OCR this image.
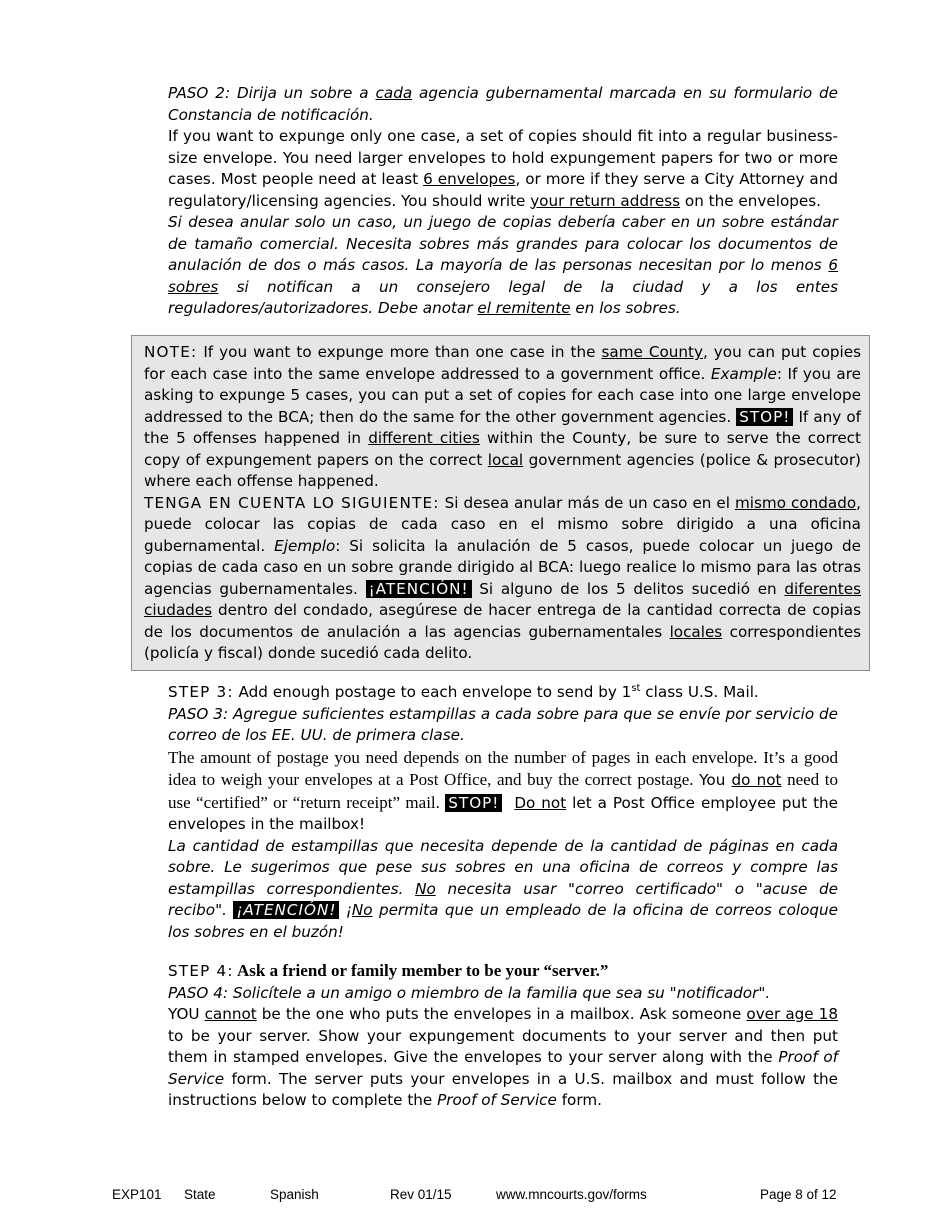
PASO 2: Dirija un sobre a cada agencia gubernamental marcada en su formulario de Constancia de notificación.

If you want to expunge only one case, a set of copies should fit into a regular business-size envelope. You need larger envelopes to hold expungement papers for two or more cases. Most people need at least 6 envelopes, or more if they serve a City Attorney and regulatory/licensing agencies. You should write your return address on the envelopes.

Si desea anular solo un caso, un juego de copias debería caber en un sobre estándar de tamaño comercial. Necesita sobres más grandes para colocar los documentos de anulación de dos o más casos. La mayoría de las personas necesitan por lo menos 6 sobres si notifican a un consejero legal de la ciudad y a los entes reguladores/autorizadores. Debe anotar el remitente en los sobres.

NOTE: If you want to expunge more than one case in the same County, you can put copies for each case into the same envelope addressed to a government office. Example: If you are asking to expunge 5 cases, you can put a set of copies for each case into one large envelope addressed to the BCA; then do the same for the other government agencies. STOP! If any of the 5 offenses happened in different cities within the County, be sure to serve the correct copy of expungement papers on the correct local government agencies (police & prosecutor) where each offense happened.

TENGA EN CUENTA LO SIGUIENTE: Si desea anular más de un caso en el mismo condado, puede colocar las copias de cada caso en el mismo sobre dirigido a una oficina gubernamental. Ejemplo: Si solicita la anulación de 5 casos, puede colocar un juego de copias de cada caso en un sobre grande dirigido al BCA: luego realice lo mismo para las otras agencias gubernamentales. ¡ATENCIÓN! Si alguno de los 5 delitos sucedió en diferentes ciudades dentro del condado, asegúrese de hacer entrega de la cantidad correcta de copias de los documentos de anulación a las agencias gubernamentales locales correspondientes (policía y fiscal) donde sucedió cada delito.

STEP 3: Add enough postage to each envelope to send by 1st class U.S. Mail.

PASO 3: Agregue suficientes estampillas a cada sobre para que se envíe por servicio de correo de los EE. UU. de primera clase.

The amount of postage you need depends on the number of pages in each envelope. It’s a good idea to weigh your envelopes at a Post Office, and buy the correct postage. You do not need to use “certified” or “return receipt” mail. STOP! Do not let a Post Office employee put the envelopes in the mailbox!

La cantidad de estampillas que necesita depende de la cantidad de páginas en cada sobre. Le sugerimos que pese sus sobres en una oficina de correos y compre las estampillas correspondientes. No necesita usar "correo certificado" o "acuse de recibo". ¡ATENCIÓN! ¡No permita que un empleado de la oficina de correos coloque los sobres en el buzón!

STEP 4: Ask a friend or family member to be your “server.”

PASO 4: Solicítele a un amigo o miembro de la familia que sea su "notificador".

YOU cannot be the one who puts the envelopes in a mailbox. Ask someone over age 18 to be your server. Show your expungement documents to your server and then put them in stamped envelopes. Give the envelopes to your server along with the Proof of Service form. The server puts your envelopes in a U.S. mailbox and must follow the instructions below to complete the Proof of Service form.

EXP101 State	Spanish	Rev 01/15	www.mncourts.gov/forms	Page 8 of 12
